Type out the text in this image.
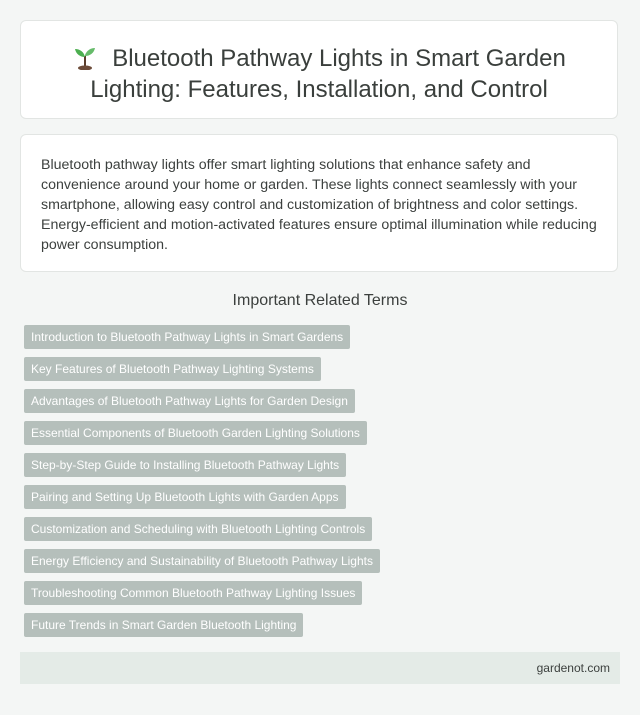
Bluetooth Pathway Lights in Smart Garden Lighting: Features, Installation, and Control

Bluetooth pathway lights offer smart lighting solutions that enhance safety and convenience around your home or garden. These lights connect seamlessly with your smartphone, allowing easy control and customization of brightness and color settings. Energy-efficient and motion-activated features ensure optimal illumination while reducing power consumption.

Important Related Terms
Introduction to Bluetooth Pathway Lights in Smart Gardens
Key Features of Bluetooth Pathway Lighting Systems
Advantages of Bluetooth Pathway Lights for Garden Design
Essential Components of Bluetooth Garden Lighting Solutions
Step-by-Step Guide to Installing Bluetooth Pathway Lights
Pairing and Setting Up Bluetooth Lights with Garden Apps
Customization and Scheduling with Bluetooth Lighting Controls
Energy Efficiency and Sustainability of Bluetooth Pathway Lights
Troubleshooting Common Bluetooth Pathway Lighting Issues
Future Trends in Smart Garden Bluetooth Lighting
gardenot.com
